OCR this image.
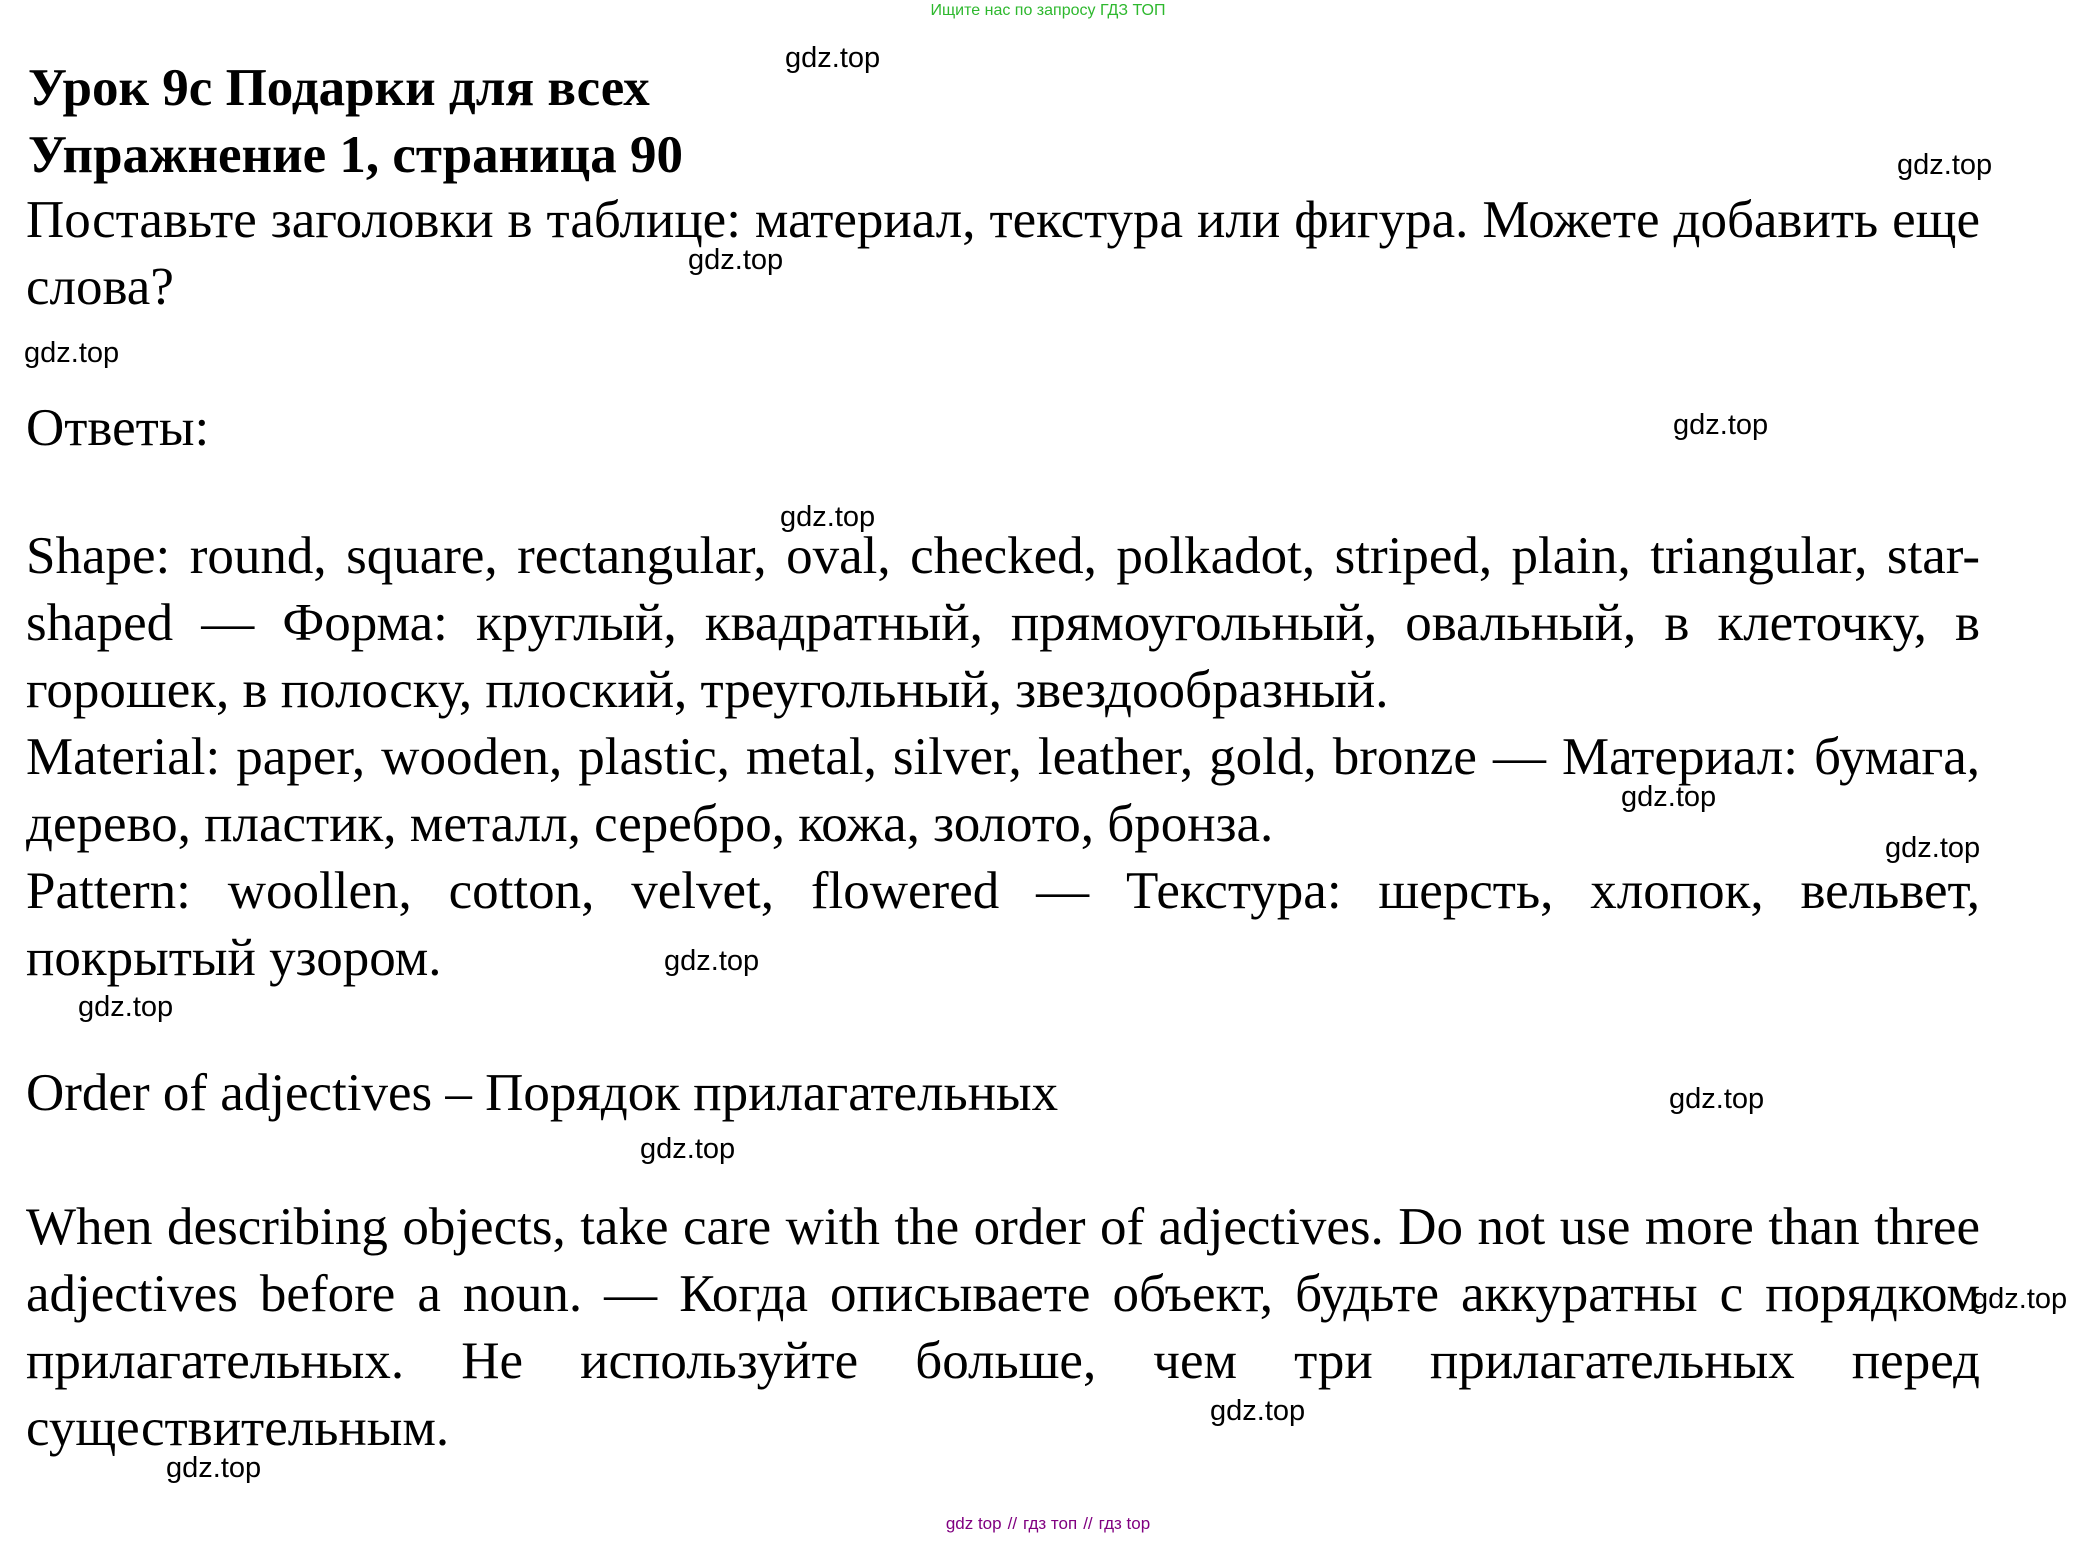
Ищите нас по запросу ГДЗ ТОП
Урок 9с Подарки для всех
Упражнение 1, страница 90
Поставьте заголовки в таблице: материал, текстура или фигура. Можете добавить еще слова?
Ответы:
Shape: round, square, rectangular, oval, checked, polkadot, striped, plain, triangular, star-shaped — Форма: круглый, квадратный, прямоугольный, овальный, в клеточку, в горошек, в полоску, плоский, треугольный, звездообразный.
Material: paper, wooden, plastic, metal, silver, leather, gold, bronze — Материал: бумага, дерево, пластик, металл, серебро, кожа, золото, бронза.
Pattern: woollen, cotton, velvet, flowered — Текстура: шерсть, хлопок, вельвет, покрытый узором.
Order of adjectives – Порядок прилагательных
When describing objects, take care with the order of adjectives. Do not use more than three adjectives before a noun. — Когда описываете объект, будьте аккуратны с порядком прилагательных. Не используйте больше, чем три прилагательных перед существительным.
gdz.top
gdz.top
gdz.top
gdz.top
gdz.top
gdz.top
gdz.top
gdz.top
gdz.top
gdz.top
gdz.top
gdz.top
gdz.top
gdz.top
gdz.top
gdz top // гдз топ // гдз top
